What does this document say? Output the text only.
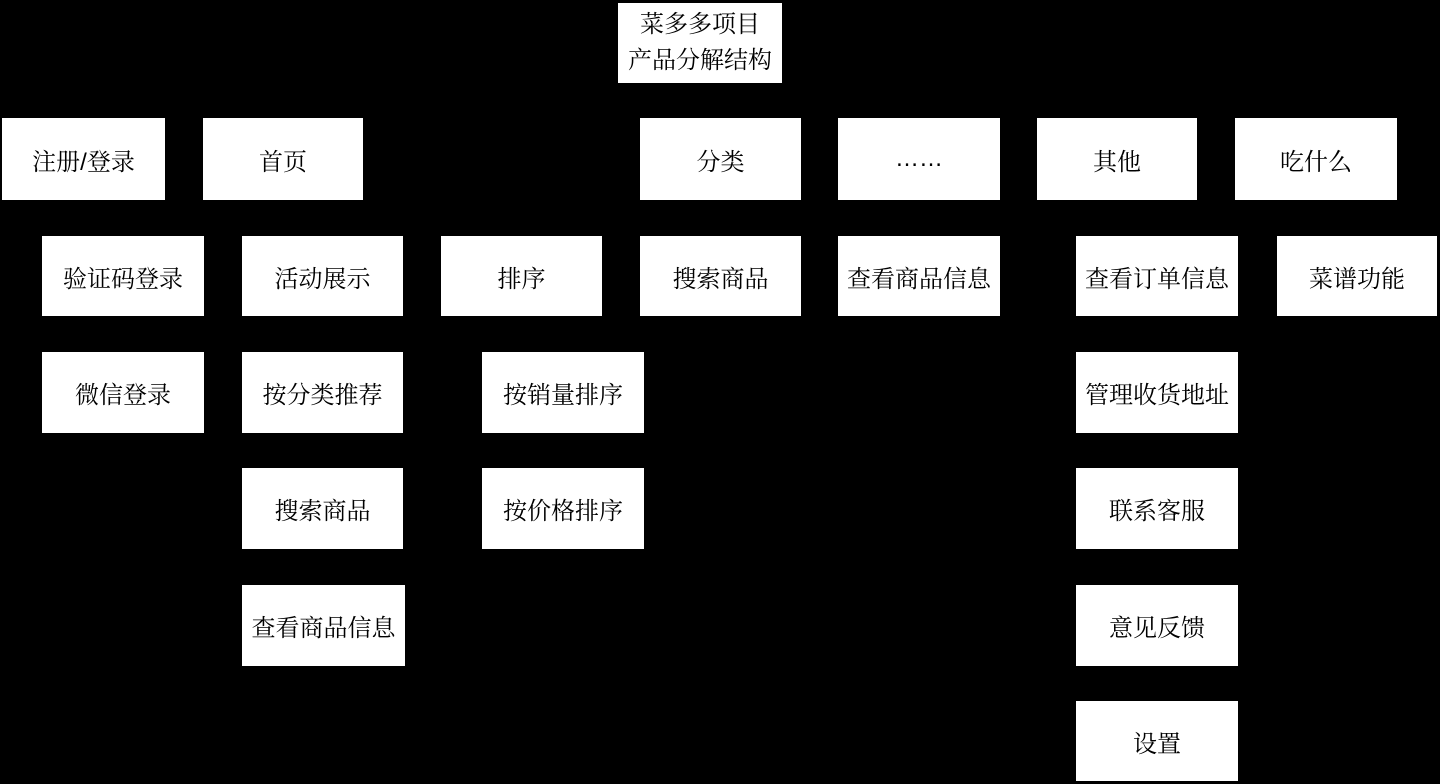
菜多多项目
产品分解结构
注册/登录	首页	分类	……	其他	吃什么
验证码登录	活动展示	排序	搜索商品	查看商品信息	查看订单信息	菜谱功能
微信登录	按分类推荐	按销量排序	管理收货地址
搜索商品	按价格排序	联系客服
查看商品信息	意见反馈
设置
